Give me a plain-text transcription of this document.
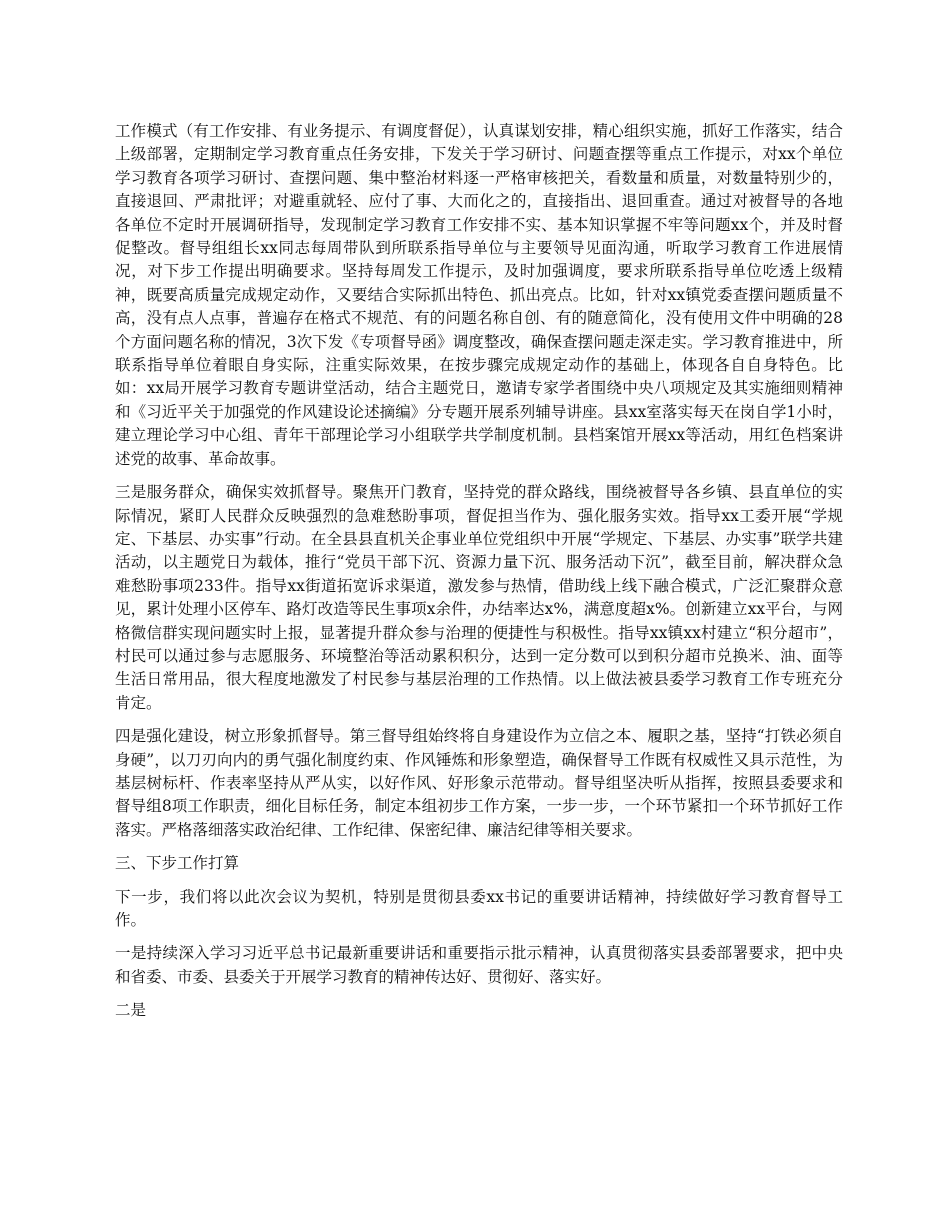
工作模式（有工作安排、有业务提示、有调度督促），认真谋划安排，精心组织实施，抓好工作落实，结合上级部署，定期制定学习教育重点任务安排，下发关于学习研讨、问题查摆等重点工作提示，对xx个单位学习教育各项学习研讨、查摆问题、集中整治材料逐一严格审核把关，看数量和质量，对数量特别少的，直接退回、严肃批评；对避重就轻、应付了事、大而化之的，直接指出、退回重查。通过对被督导的各地各单位不定时开展调研指导，发现制定学习教育工作安排不实、基本知识掌握不牢等问题xx个，并及时督促整改。督导组组长xx同志每周带队到所联系指导单位与主要领导见面沟通，听取学习教育工作进展情况，对下步工作提出明确要求。坚持每周发工作提示，及时加强调度，要求所联系指导单位吃透上级精神，既要高质量完成规定动作，又要结合实际抓出特色、抓出亮点。比如，针对xx镇党委查摆问题质量不高，没有点人点事，普遍存在格式不规范、有的问题名称自创、有的随意简化，没有使用文件中明确的28个方面问题名称的情况，3次下发《专项督导函》调度整改，确保查摆问题走深走实。学习教育推进中，所联系指导单位着眼自身实际，注重实际效果，在按步骤完成规定动作的基础上，体现各自自身特色。比如：xx局开展学习教育专题讲堂活动，结合主题党日，邀请专家学者围绕中央八项规定及其实施细则精神和《习近平关于加强党的作风建设论述摘编》分专题开展系列辅导讲座。县xx室落实每天在岗自学1小时，建立理论学习中心组、青年干部理论学习小组联学共学制度机制。县档案馆开展xx等活动，用红色档案讲述党的故事、革命故事。

三是服务群众，确保实效抓督导。聚焦开门教育，坚持党的群众路线，围绕被督导各乡镇、县直单位的实际情况，紧盯人民群众反映强烈的急难愁盼事项，督促担当作为、强化服务实效。指导xx工委开展“学规定、下基层、办实事”行动。在全县县直机关企事业单位党组织中开展“学规定、下基层、办实事”联学共建活动，以主题党日为载体，推行“党员干部下沉、资源力量下沉、服务活动下沉”，截至目前，解决群众急难愁盼事项233件。指导xx街道拓宽诉求渠道，激发参与热情，借助线上线下融合模式，广泛汇聚群众意见，累计处理小区停车、路灯改造等民生事项x余件，办结率达x%，满意度超x%。创新建立xx平台，与网格微信群实现问题实时上报，显著提升群众参与治理的便捷性与积极性。指导xx镇xx村建立“积分超市”，村民可以通过参与志愿服务、环境整治等活动累积积分，达到一定分数可以到积分超市兑换米、油、面等生活日常用品，很大程度地激发了村民参与基层治理的工作热情。以上做法被县委学习教育工作专班充分肯定。

四是强化建设，树立形象抓督导。第三督导组始终将自身建设作为立信之本、履职之基，坚持“打铁必须自身硬”，以刀刃向内的勇气强化制度约束、作风锤炼和形象塑造，确保督导工作既有权威性又具示范性，为基层树标杆、作表率坚持从严从实，以好作风、好形象示范带动。督导组坚决听从指挥，按照县委要求和督导组8项工作职责，细化目标任务，制定本组初步工作方案，一步一步，一个环节紧扣一个环节抓好工作落实。严格落细落实政治纪律、工作纪律、保密纪律、廉洁纪律等相关要求。

三、下步工作打算

下一步，我们将以此次会议为契机，特别是贯彻县委xx书记的重要讲话精神，持续做好学习教育督导工作。

一是持续深入学习习近平总书记最新重要讲话和重要指示批示精神，认真贯彻落实县委部署要求，把中央和省委、市委、县委关于开展学习教育的精神传达好、贯彻好、落实好。

二是
